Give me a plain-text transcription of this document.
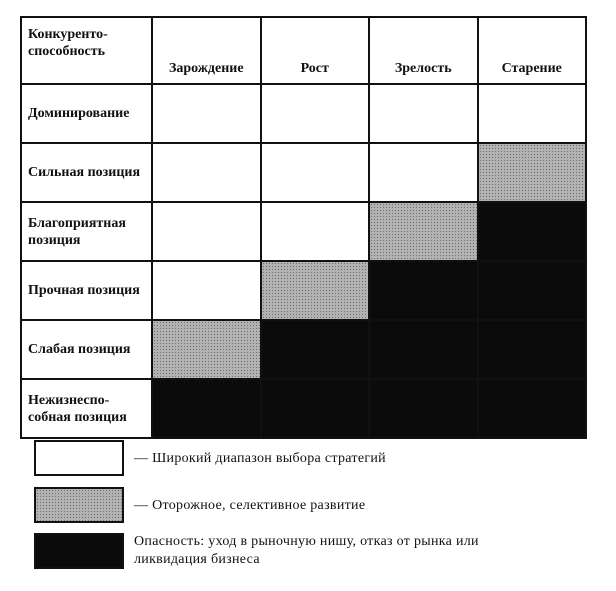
Конкуренто-
способность	Зарождение	Рост	Зрелость	Старение
Доминирование				
Сильная позиция				
Благоприятная
позиция				
Прочная позиция				
Слабая позиция				
Нежизнеспо-
собная позиция				
— Широкий диапазон выбора стратегий
— Оторожное, селективное развитие
Опасность: уход в рыночную нишу, отказ от рынка или ликвидация бизнеса
